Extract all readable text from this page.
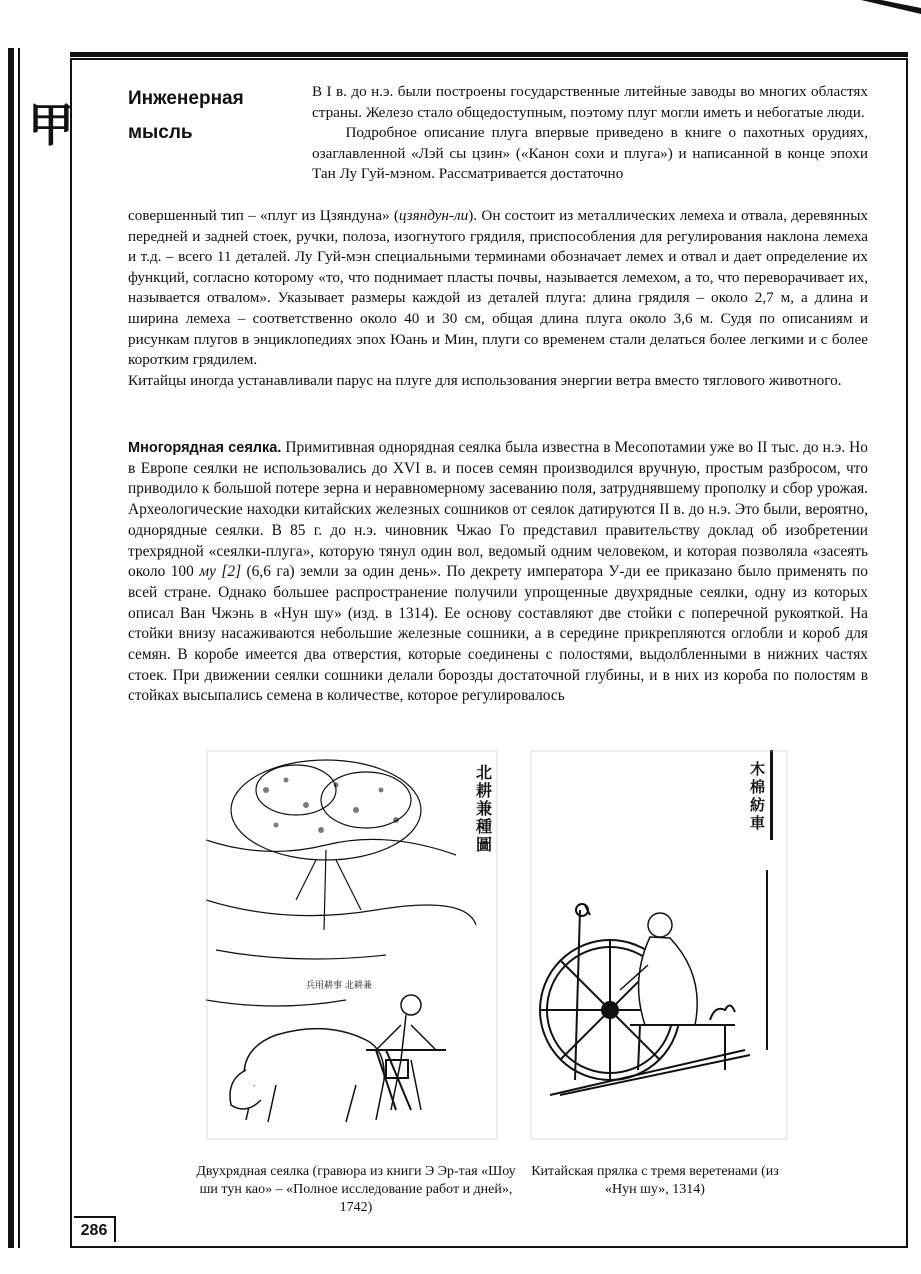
甲	Инженерная мысль

В I в. до н.э. были построены государственные литейные заводы во многих областях страны. Железо стало общедоступным, поэтому плуг могли иметь и небогатые люди.

Подробное описание плуга впервые приведено в книге о пахотных орудиях, озаглавленной «Лэй сы цзин» («Канон сохи и плуга») и написанной в конце эпохи Тан Лу Гуй-мэном. Рассматривается достаточно

совершенный тип – «плуг из Цзяндуна» (цзяндун-ли). Он состоит из металлических лемеха и отвала, деревянных передней и задней стоек, ручки, полоза, изогнутого грядиля, приспособления для регулирования наклона лемеха и т.д. – всего 11 деталей. Лу Гуй-мэн специальными терминами обозначает лемех и отвал и дает определение их функций, согласно которому «то, что поднимает пласты почвы, называется лемехом, а то, что переворачивает их, называется отвалом». Указывает размеры каждой из деталей плуга: длина грядиля – около 2,7 м, а длина и ширина лемеха – соответственно около 40 и 30 см, общая длина плуга около 3,6 м. Судя по описаниям и рисункам плугов в энциклопедиях эпох Юань и Мин, плуги со временем стали делаться более легкими и с более коротким грядилем.

Китайцы иногда устанавливали парус на плуге для использования энергии ветра вместо тяглового животного.

Многорядная сеялка. Примитивная однорядная сеялка была известна в Месопотамии уже во II тыс. до н.э. Но в Европе сеялки не использовались до XVI в. и посев семян производился вручную, простым разбросом, что приводило к большой потере зерна и неравномерному засеванию поля, затруднявшему прополку и сбор урожая. Археологические находки китайских железных сошников от сеялок датируются II в. до н.э. Это были, вероятно, однорядные сеялки. В 85 г. до н.э. чиновник Чжао Го представил правительству доклад об изобретении трехрядной «сеялки-плуга», которую тянул один вол, ведомый одним человеком, и которая позволяла «засеять около 100 му [2] (6,6 га) земли за один день». По декрету императора У-ди ее приказано было применять по всей стране. Однако большее распространение получили упрощенные двухрядные сеялки, одну из которых описал Ван Чжэнь в «Нун шу» (изд. в 1314). Ее основу составляют две стойки с поперечной рукояткой. На стойки внизу насаживаются небольшие железные сошники, а в середине прикрепляются оглобли и короб для семян. В коробе имеется два отверстия, которые соединены с полостями, выдолбленными в нижних частях стоек. При движении сеялки сошники делали борозды достаточной глубины, и в них из короба по полостям в стойках высыпались семена в количестве, которое регулировалось

北耕兼種圖
兵用耕事 北耕兼
木棉紡車
Двухрядная сеялка (гравюра из книги Э Эр-тая «Шоу ши тун као» – «Полное исследование работ и дней», 1742)
Китайская прялка с тремя веретенами (из «Нун шу», 1314)
286
